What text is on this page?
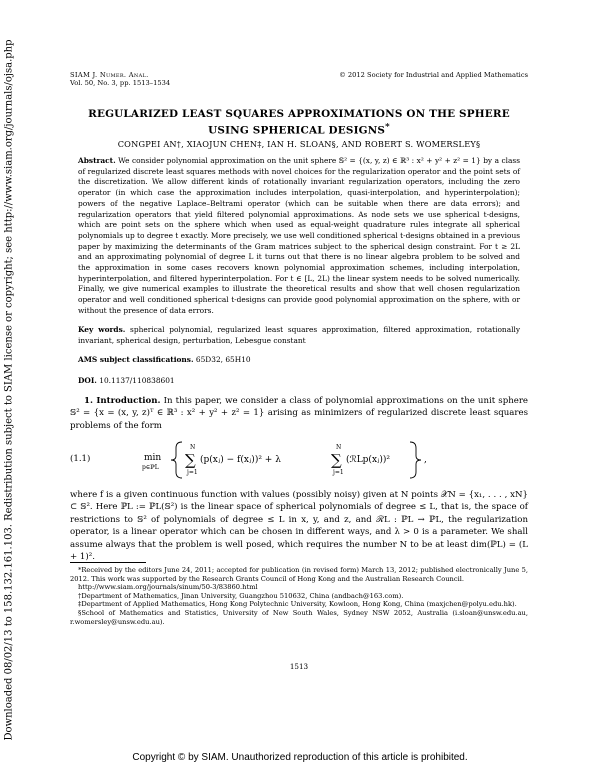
Downloaded 08/02/13 to 158.132.161.103. Redistribution subject to SIAM license or copyright; see http://www.siam.org/journals/ojsa.php	SIAM J. Numer. Anal.
Vol. 50, No. 3, pp. 1513–1534
© 2012 Society for Industrial and Applied Mathematics
REGULARIZED LEAST SQUARES APPROXIMATIONS ON THE SPHERE USING SPHERICAL DESIGNS*
CONGPEI AN†, XIAOJUN CHEN‡, IAN H. SLOAN§, AND ROBERT S. WOMERSLEY§
Abstract. We consider polynomial approximation on the unit sphere 𝕊² = {(x, y, z) ∈ ℝ³ : x² + y² + z² = 1} by a class of regularized discrete least squares methods with novel choices for the regularization operator and the point sets of the discretization. We allow different kinds of rotationally invariant regularization operators, including the zero operator (in which case the approximation includes interpolation, quasi-interpolation, and hyperinterpolation); powers of the negative Laplace–Beltrami operator (which can be suitable when there are data errors); and regularization operators that yield filtered polynomial approximations. As node sets we use spherical t-designs, which are point sets on the sphere which when used as equal-weight quadrature rules integrate all spherical polynomials up to degree t exactly. More precisely, we use well conditioned spherical t-designs obtained in a previous paper by maximizing the determinants of the Gram matrices subject to the spherical design constraint. For t ≥ 2L and an approximating polynomial of degree L it turns out that there is no linear algebra problem to be solved and the approximation in some cases recovers known polynomial approximation schemes, including interpolation, hyperinterpolation, and filtered hyperinterpolation. For t ∈ [L, 2L) the linear system needs to be solved numerically. Finally, we give numerical examples to illustrate the theoretical results and show that well chosen regularization operator and well conditioned spherical t-designs can provide good polynomial approximation on the sphere, with or without the presence of data errors.
Key words. spherical polynomial, regularized least squares approximation, filtered approximation, rotationally invariant, spherical design, perturbation, Lebesgue constant
AMS subject classifications. 65D32, 65H10
DOI. 10.1137/110838601
1. Introduction. In this paper, we consider a class of polynomial approximations on the unit sphere 𝕊² = {x = (x, y, z)ᵀ ∈ ℝ³ : x² + y² + z² = 1} arising as minimizers of regularized discrete least squares problems of the form
(1.1)	min
p∈ℙL
N
∑
j=1
(p(xⱼ) − f(xⱼ))² + λ
N
∑
j=1
(ℛLp(xⱼ))²	,
where f is a given continuous function with values (possibly noisy) given at N points 𝒳N = {x₁, . . . , xN} ⊂ 𝕊². Here ℙL := ℙL(𝕊²) is the linear space of spherical polynomials of degree ≤ L, that is, the space of restrictions to 𝕊² of polynomials of degree ≤ L in x, y, and z, and ℛL : ℙL → ℙL, the regularization operator, is a linear operator which can be chosen in different ways, and λ > 0 is a parameter. We shall assume always that the problem is well posed, which requires the number N to be at least dim(ℙL) = (L + 1)².

*Received by the editors June 24, 2011; accepted for publication (in revised form) March 13, 2012; published electronically June 5, 2012. This work was supported by the Research Grants Council of Hong Kong and the Australian Research Council.

http://www.siam.org/journals/sinum/50-3/83860.html

†Department of Mathematics, Jinan University, Guangzhou 510632, China (andbach@163.com).

‡Department of Applied Mathematics, Hong Kong Polytechnic University, Kowloon, Hong Kong, China (maxjchen@polyu.edu.hk).

§School of Mathematics and Statistics, University of New South Wales, Sydney NSW 2052, Australia (i.sloan@unsw.edu.au, r.womersley@unsw.edu.au).

1513
Copyright © by SIAM. Unauthorized reproduction of this article is prohibited.
